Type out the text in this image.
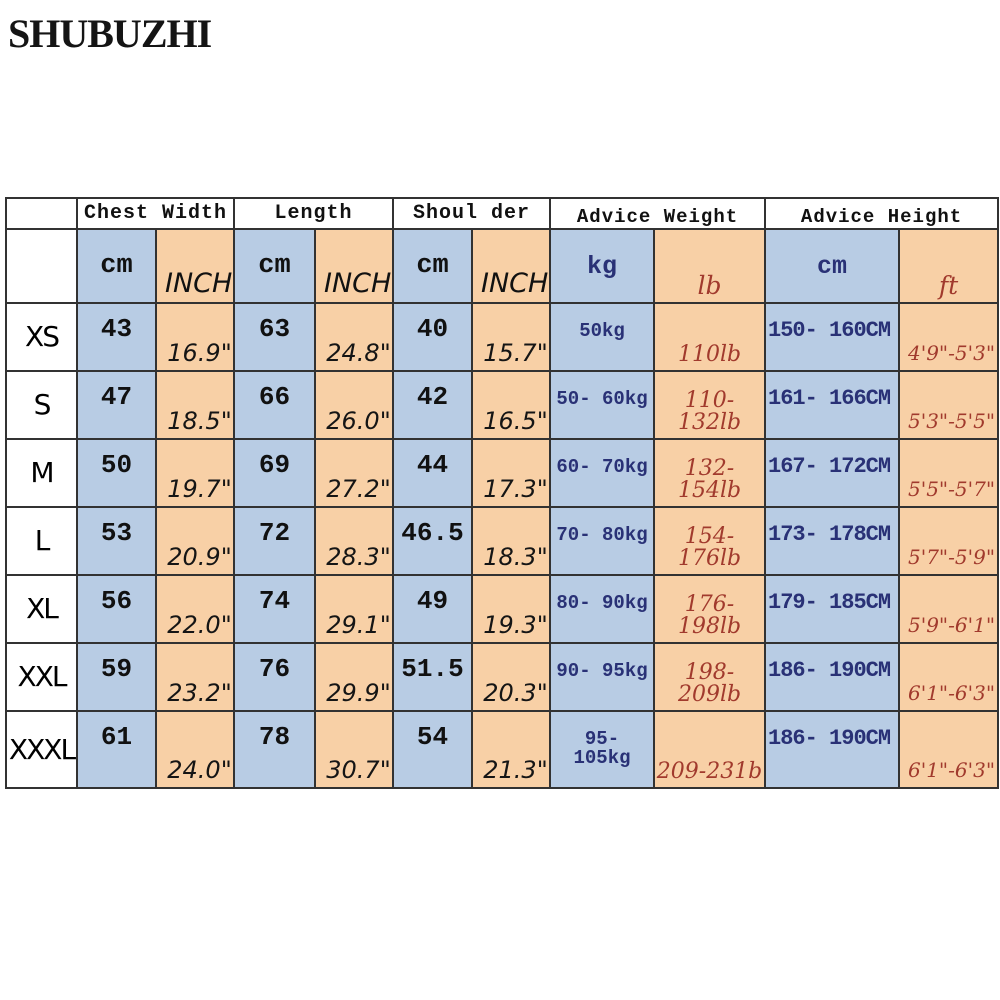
SHUBUZHI
	Chest Width		Length		Shoul der		Advice Weight		Advice Height	
	cm	INCH	cm	INCH	cm	INCH	kg	lb	cm	ft
XS	43	16.9"	63	24.8"	40	15.7"	50kg	110lb	150- 160CM	4'9"-5'3"
S	47	18.5"	66	26.0"	42	16.5"	50- 60kg	110-132lb	161- 166CM	5'3"-5'5"
M	50	19.7"	69	27.2"	44	17.3"	60- 70kg	132-154lb	167- 172CM	5'5"-5'7"
L	53	20.9"	72	28.3"	46.5	18.3"	70- 80kg	154-176lb	173- 178CM	5'7"-5'9"
XL	56	22.0"	74	29.1"	49	19.3"	80- 90kg	176-198lb	179- 185CM	5'9"-6'1"
XXL	59	23.2"	76	29.9"	51.5	20.3"	90- 95kg	198-209lb	186- 190CM	6'1"-6'3"
XXXL	61	24.0"	78	30.7"	54	21.3"	95- 105kg	209-231b	186- 190CM	6'1"-6'3"
